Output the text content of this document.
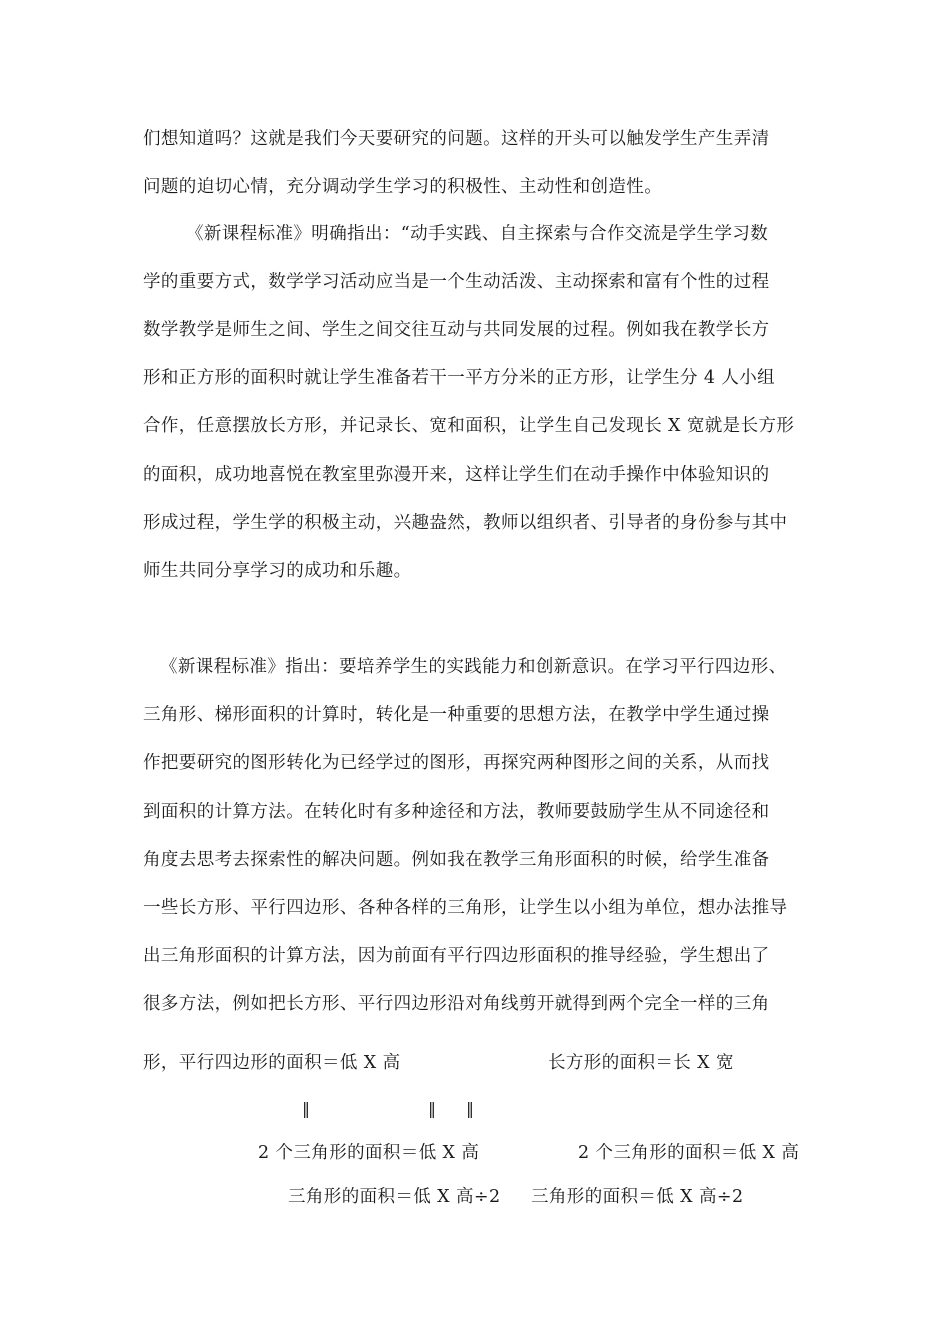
们想知道吗？这就是我们今天要研究的问题。这样的开头可以触发学生产生弄清
问题的迫切心情，充分调动学生学习的积极性、主动性和创造性。
《新课程标准》明确指出：“动手实践、自主探索与合作交流是学生学习数
学的重要方式，数学学习活动应当是一个生动活泼、主动探索和富有个性的过程
数学教学是师生之间、学生之间交往互动与共同发展的过程。例如我在教学长方
形和正方形的面积时就让学生准备若干一平方分米的正方形，让学生分 4 人小组
合作，任意摆放长方形，并记录长、宽和面积，让学生自己发现长 X 宽就是长方形
的面积，成功地喜悦在教室里弥漫开来，这样让学生们在动手操作中体验知识的
形成过程，学生学的积极主动，兴趣盎然，教师以组织者、引导者的身份参与其中
师生共同分享学习的成功和乐趣。
《新课程标准》指出：要培养学生的实践能力和创新意识。在学习平行四边形、
三角形、梯形面积的计算时，转化是一种重要的思想方法，在教学中学生通过操
作把要研究的图形转化为已经学过的图形，再探究两种图形之间的关系，从而找
到面积的计算方法。在转化时有多种途径和方法，教师要鼓励学生从不同途径和
角度去思考去探索性的解决问题。例如我在教学三角形面积的时候，给学生准备
一些长方形、平行四边形、各种各样的三角形，让学生以小组为单位，想办法推导
出三角形面积的计算方法，因为前面有平行四边形面积的推导经验，学生想出了
很多方法，例如把长方形、平行四边形沿对角线剪开就得到两个完全一样的三角
形，平行四边形的面积＝低 X 高	长方形的面积＝长 X 宽
‖	‖ ‖
2 个三角形的面积＝低 X 高	2 个三角形的面积＝低 X 高
三角形的面积＝低 X 高÷2 三角形的面积＝低 X 高÷2
